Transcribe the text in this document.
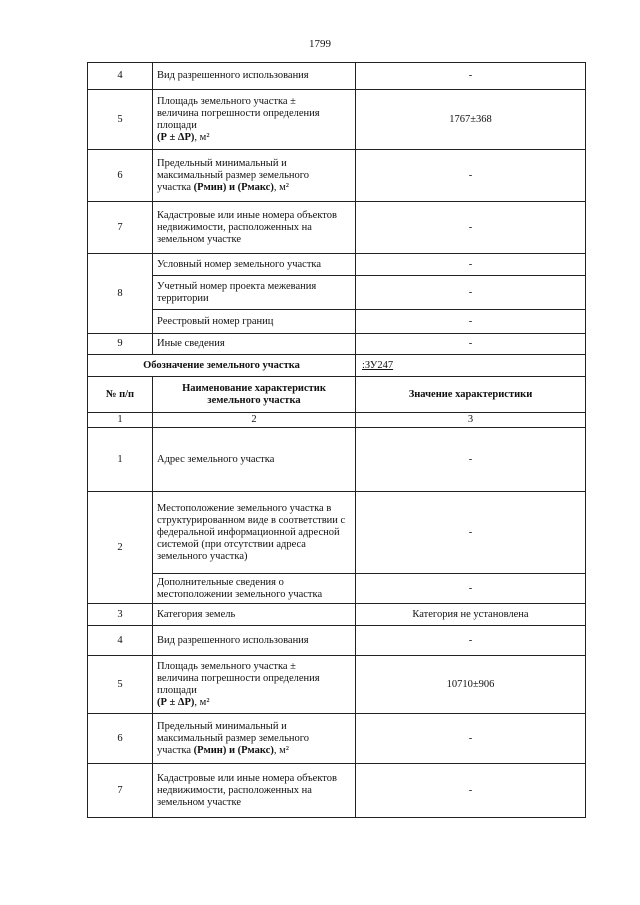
1799
4	Вид разрешенного использования	-
5	Площадь земельного участка ±
величина погрешности определения
площади
(Р ± ΔР), м²	1767±368
6	Предельный минимальный и
максимальный размер земельного
участка (Рмин) и (Рмакс), м²	-
7	Кадастровые или иные номера объектов недвижимости, расположенных на земельном участке	-
8	Условный номер земельного участка	-
	Учетный номер проекта межевания территории	-
	Реестровый номер границ	-
9	Иные сведения	-
Обозначение земельного участка		:ЗУ247
№ п/п	Наименование характеристик земельного участка	Значение характеристики
1	2	3
1	Адрес земельного участка	-
2	Местоположение земельного участка в структурированном виде в соответствии с федеральной информационной адресной системой (при отсутствии адреса земельного участка)	-
	Дополнительные сведения о местоположении земельного участка	-
3	Категория земель	Категория не установлена
4	Вид разрешенного использования	-
5	Площадь земельного участка ±
величина погрешности определения
площади
(Р ± ΔР), м²	10710±906
6	Предельный минимальный и
максимальный размер земельного
участка (Рмин) и (Рмакс), м²	-
7	Кадастровые или иные номера объектов недвижимости, расположенных на земельном участке	-
